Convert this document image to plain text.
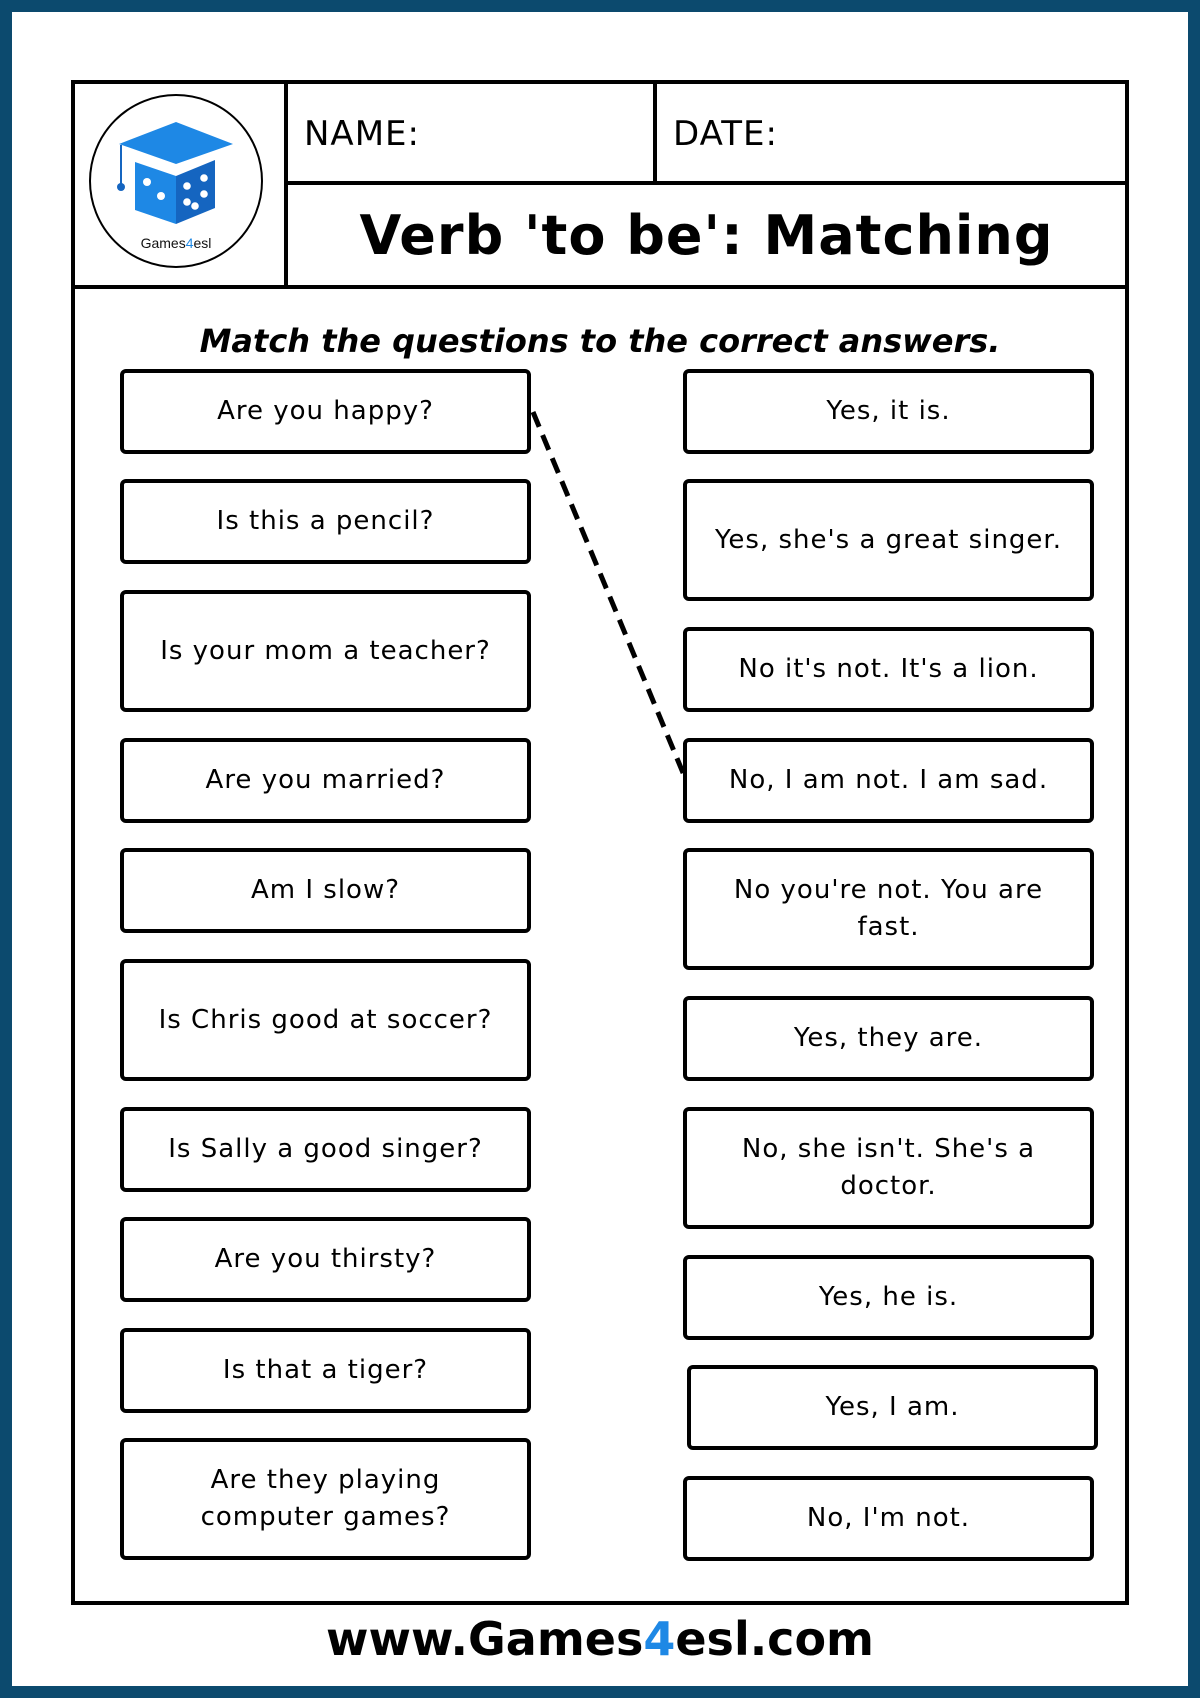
Games4esl
NAME:	DATE:
Verb 'to be': Matching
Match the questions to the correct answers.
Are you happy?
Is this a pencil?
Is your mom a teacher?
Are you married?
Am I slow?
Is Chris good at soccer?
Is Sally a good singer?
Are you thirsty?
Is that a tiger?
Are they playing computer games?
Yes, it is.
Yes, she's a great singer.
No it's not. It's a lion.
No, I am not. I am sad.
No you're not. You are fast.
Yes, they are.
No, she isn't. She's a doctor.
Yes, he is.
Yes, I am.
No, I'm not.
www.Games4esl.com
